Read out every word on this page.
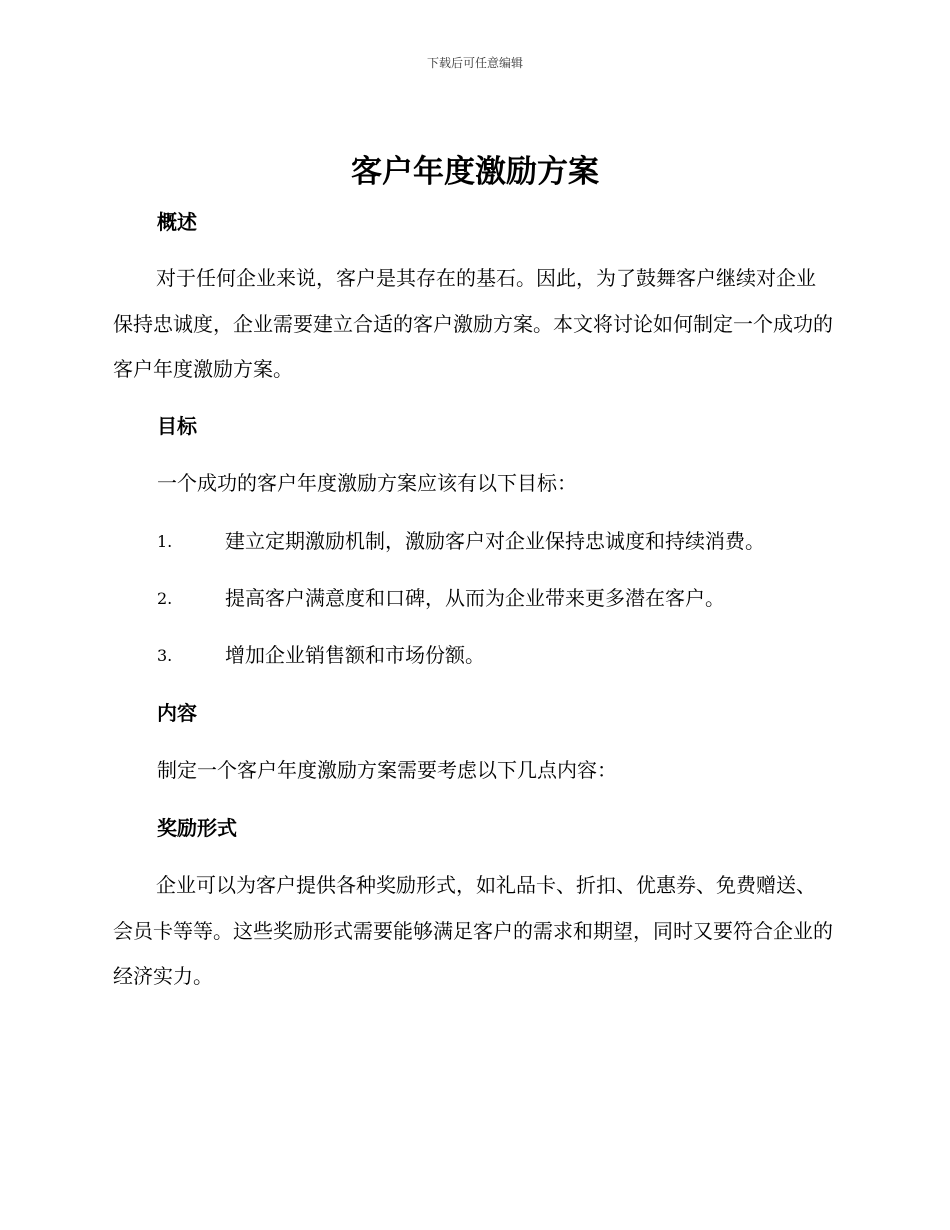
下载后可任意编辑
客户年度激励方案
概述
对于任何企业来说，客户是其存在的基石。因此，为了鼓舞客户继续对企业保持忠诚度，企业需要建立合适的客户激励方案。本文将讨论如何制定一个成功的客户年度激励方案。
目标
一个成功的客户年度激励方案应该有以下目标：
1.	建立定期激励机制，激励客户对企业保持忠诚度和持续消费。
2.	提高客户满意度和口碑，从而为企业带来更多潜在客户。
3.	增加企业销售额和市场份额。
内容
制定一个客户年度激励方案需要考虑以下几点内容：
奖励形式
企业可以为客户提供各种奖励形式，如礼品卡、折扣、优惠券、免费赠送、会员卡等等。这些奖励形式需要能够满足客户的需求和期望，同时又要符合企业的经济实力。
